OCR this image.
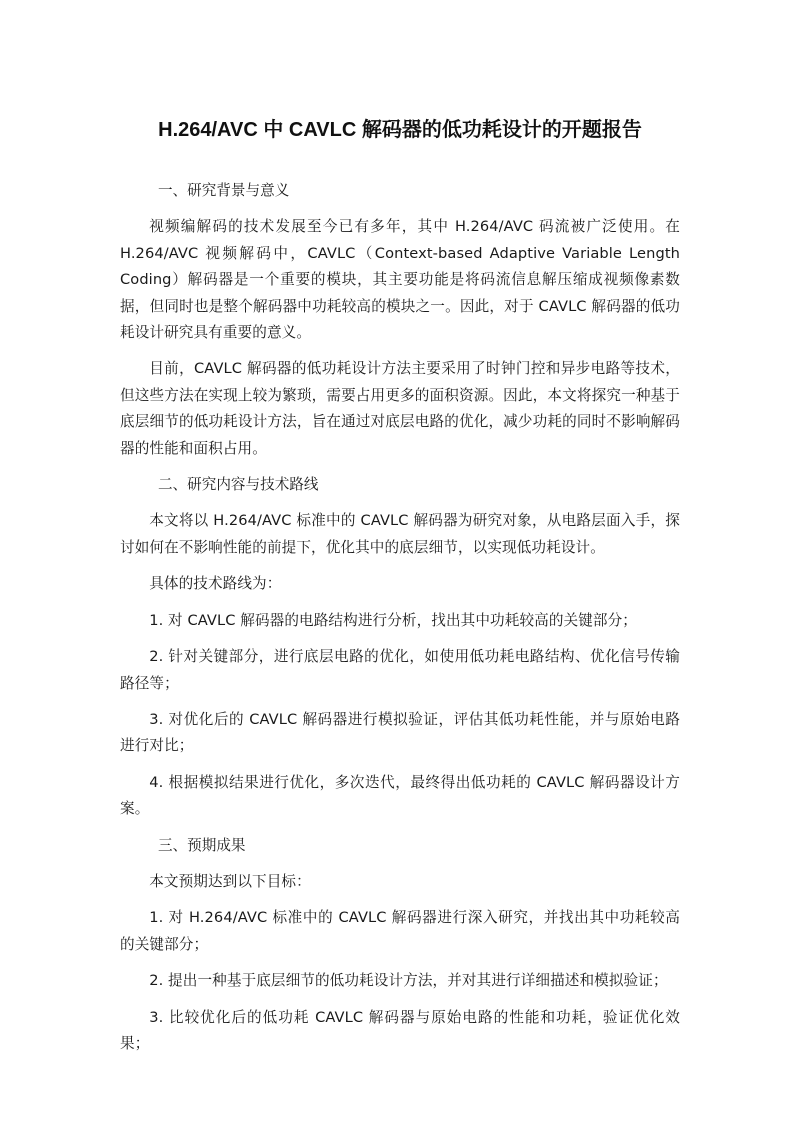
H.264/AVC 中 CAVLC 解码器的低功耗设计的开题报告
一、研究背景与意义
视频编解码的技术发展至今已有多年，其中 H.264/AVC 码流被广泛使用。在 H.264/AVC 视频解码中，CAVLC（Context-based Adaptive Variable Length Coding）解码器是一个重要的模块，其主要功能是将码流信息解压缩成视频像素数据，但同时也是整个解码器中功耗较高的模块之一。因此，对于 CAVLC 解码器的低功耗设计研究具有重要的意义。
目前，CAVLC 解码器的低功耗设计方法主要采用了时钟门控和异步电路等技术，但这些方法在实现上较为繁琐，需要占用更多的面积资源。因此，本文将探究一种基于底层细节的低功耗设计方法，旨在通过对底层电路的优化，减少功耗的同时不影响解码器的性能和面积占用。
二、研究内容与技术路线
本文将以 H.264/AVC 标准中的 CAVLC 解码器为研究对象，从电路层面入手，探讨如何在不影响性能的前提下，优化其中的底层细节，以实现低功耗设计。
具体的技术路线为：
1. 对 CAVLC 解码器的电路结构进行分析，找出其中功耗较高的关键部分；
2. 针对关键部分，进行底层电路的优化，如使用低功耗电路结构、优化信号传输路径等；
3. 对优化后的 CAVLC 解码器进行模拟验证，评估其低功耗性能，并与原始电路进行对比；
4. 根据模拟结果进行优化，多次迭代，最终得出低功耗的 CAVLC 解码器设计方案。
三、预期成果
本文预期达到以下目标：
1. 对 H.264/AVC 标准中的 CAVLC 解码器进行深入研究，并找出其中功耗较高的关键部分；
2. 提出一种基于底层细节的低功耗设计方法，并对其进行详细描述和模拟验证；
3. 比较优化后的低功耗 CAVLC 解码器与原始电路的性能和功耗，验证优化效果；
